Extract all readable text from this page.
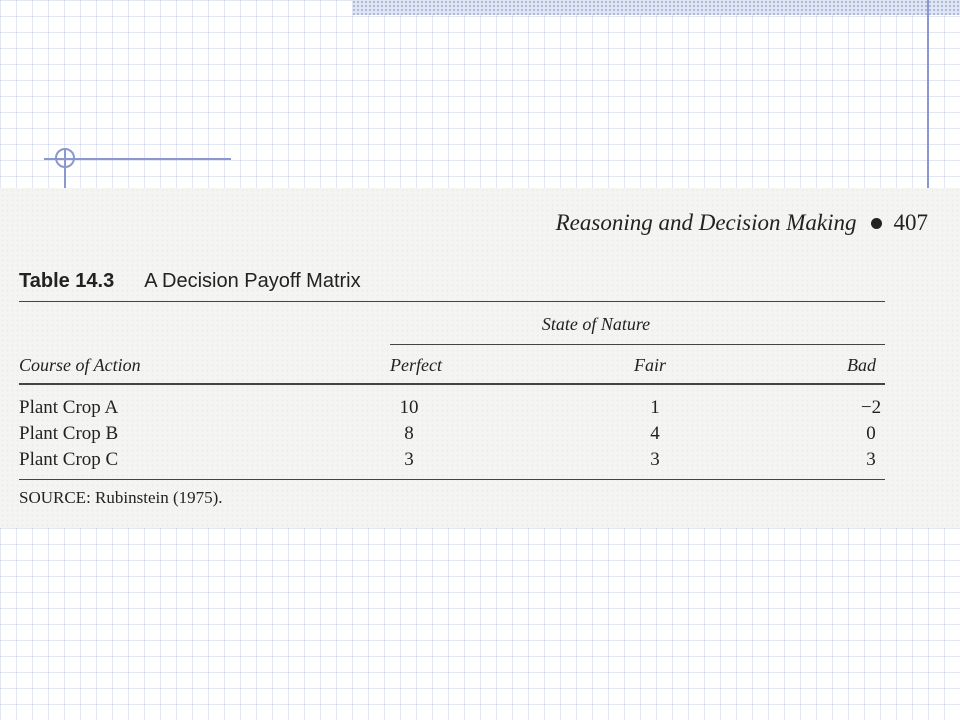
Reasoning and Decision Making 407
Table 14.3 A Decision Payoff Matrix
State of Nature
Course of Action	Perfect	Fair	Bad
Plant Crop A	10	1	−2
Plant Crop B	8	4	0
Plant Crop C	3	3	3
SOURCE: Rubinstein (1975).
